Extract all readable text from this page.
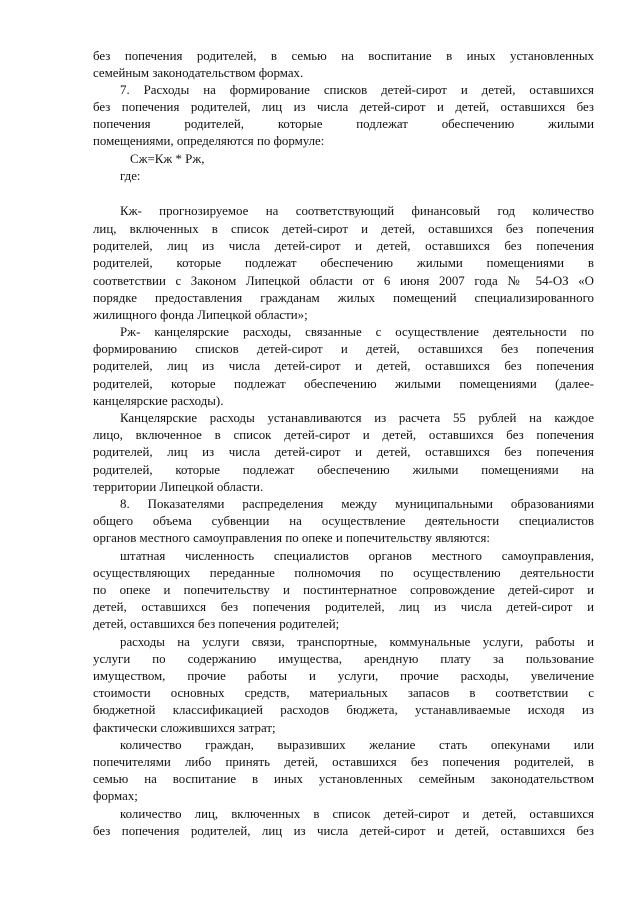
без попечения родителей, в семью на воспитание в иных установленных
семейным законодательством формах.
7. Расходы на формирование списков детей-сирот и детей, оставшихся
без попечения родителей, лиц из числа детей-сирот и детей, оставшихся без
попечения родителей, которые подлежат обеспечению жилыми
помещениями, определяются по формуле:
Сж=Кж * Рж,
где:
Кж- прогнозируемое на соответствующий финансовый год количество
лиц, включенных в список детей-сирот и детей, оставшихся без попечения
родителей, лиц из числа детей-сирот и детей, оставшихся без попечения
родителей, которые подлежат обеспечению жилыми помещениями в
соответствии с Законом Липецкой области от 6 июня 2007 года № 54-ОЗ «О
порядке предоставления гражданам жилых помещений специализированного
жилищного фонда Липецкой области»;
Рж- канцелярские расходы, связанные с осуществление деятельности по
формированию списков детей-сирот и детей, оставшихся без попечения
родителей, лиц из числа детей-сирот и детей, оставшихся без попечения
родителей, которые подлежат обеспечению жилыми помещениями (далее-
канцелярские расходы).
Канцелярские расходы устанавливаются из расчета 55 рублей на каждое
лицо, включенное в список детей-сирот и детей, оставшихся без попечения
родителей, лиц из числа детей-сирот и детей, оставшихся без попечения
родителей, которые подлежат обеспечению жилыми помещениями на
территории Липецкой области.
8. Показателями распределения между муниципальными образованиями
общего объема субвенции на осуществление деятельности специалистов
органов местного самоуправления по опеке и попечительству являются:
штатная численность специалистов органов местного самоуправления,
осуществляющих переданные полномочия по осуществлению деятельности
по опеке и попечительству и постинтернатное сопровождение детей-сирот и
детей, оставшихся без попечения родителей, лиц из числа детей-сирот и
детей, оставшихся без попечения родителей;
расходы на услуги связи, транспортные, коммунальные услуги, работы и
услуги по содержанию имущества, арендную плату за пользование
имуществом, прочие работы и услуги, прочие расходы, увеличение
стоимости основных средств, материальных запасов в соответствии с
бюджетной классификацией расходов бюджета, устанавливаемые исходя из
фактически сложившихся затрат;
количество граждан, выразивших желание стать опекунами или
попечителями либо принять детей, оставшихся без попечения родителей, в
семью на воспитание в иных установленных семейным законодательством
формах;
количество лиц, включенных в список детей-сирот и детей, оставшихся
без попечения родителей, лиц из числа детей-сирот и детей, оставшихся без
